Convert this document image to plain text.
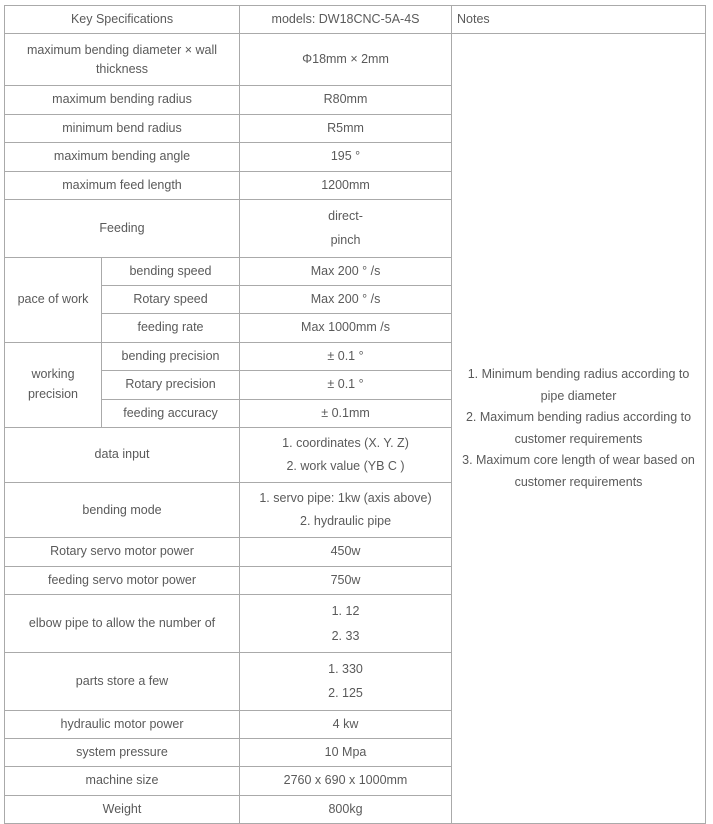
Key Specifications		models: DW18CNC-5A-4S	Notes
maximum bending diameter × wall thickness		Φ18mm × 2mm	1. Minimum bending radius according to pipe diameter
2. Maximum bending radius according to customer requirements
3. Maximum core length of wear based on customer requirements

maximum bending radius		R80mm	
minimum bend radius		R5mm	
maximum bending angle		195 °	
maximum feed length		1200mm	
Feeding		direct-
pinch	

pace of work	bending speed	Max 200 ° /s	
	Rotary speed	Max 200 ° /s	
	feeding rate	Max 1000mm /s	
working precision	bending precision	± 0.1 °	
	Rotary precision	± 0.1 °	
	feeding accuracy	± 0.1mm	
data input		1. coordinates (X. Y. Z)
2. work value (YB C )	

bending mode		1. servo pipe: 1kw (axis above)
2. hydraulic pipe	

Rotary servo motor power		450w	
feeding servo motor power		750w	
elbow pipe to allow the number of		1. 12
2. 33	

parts store a few		1. 330
2. 125	

hydraulic motor power		4 kw	
system pressure		10 Mpa	
machine size		2760 x 690 x 1000mm	
Weight		800kg	
